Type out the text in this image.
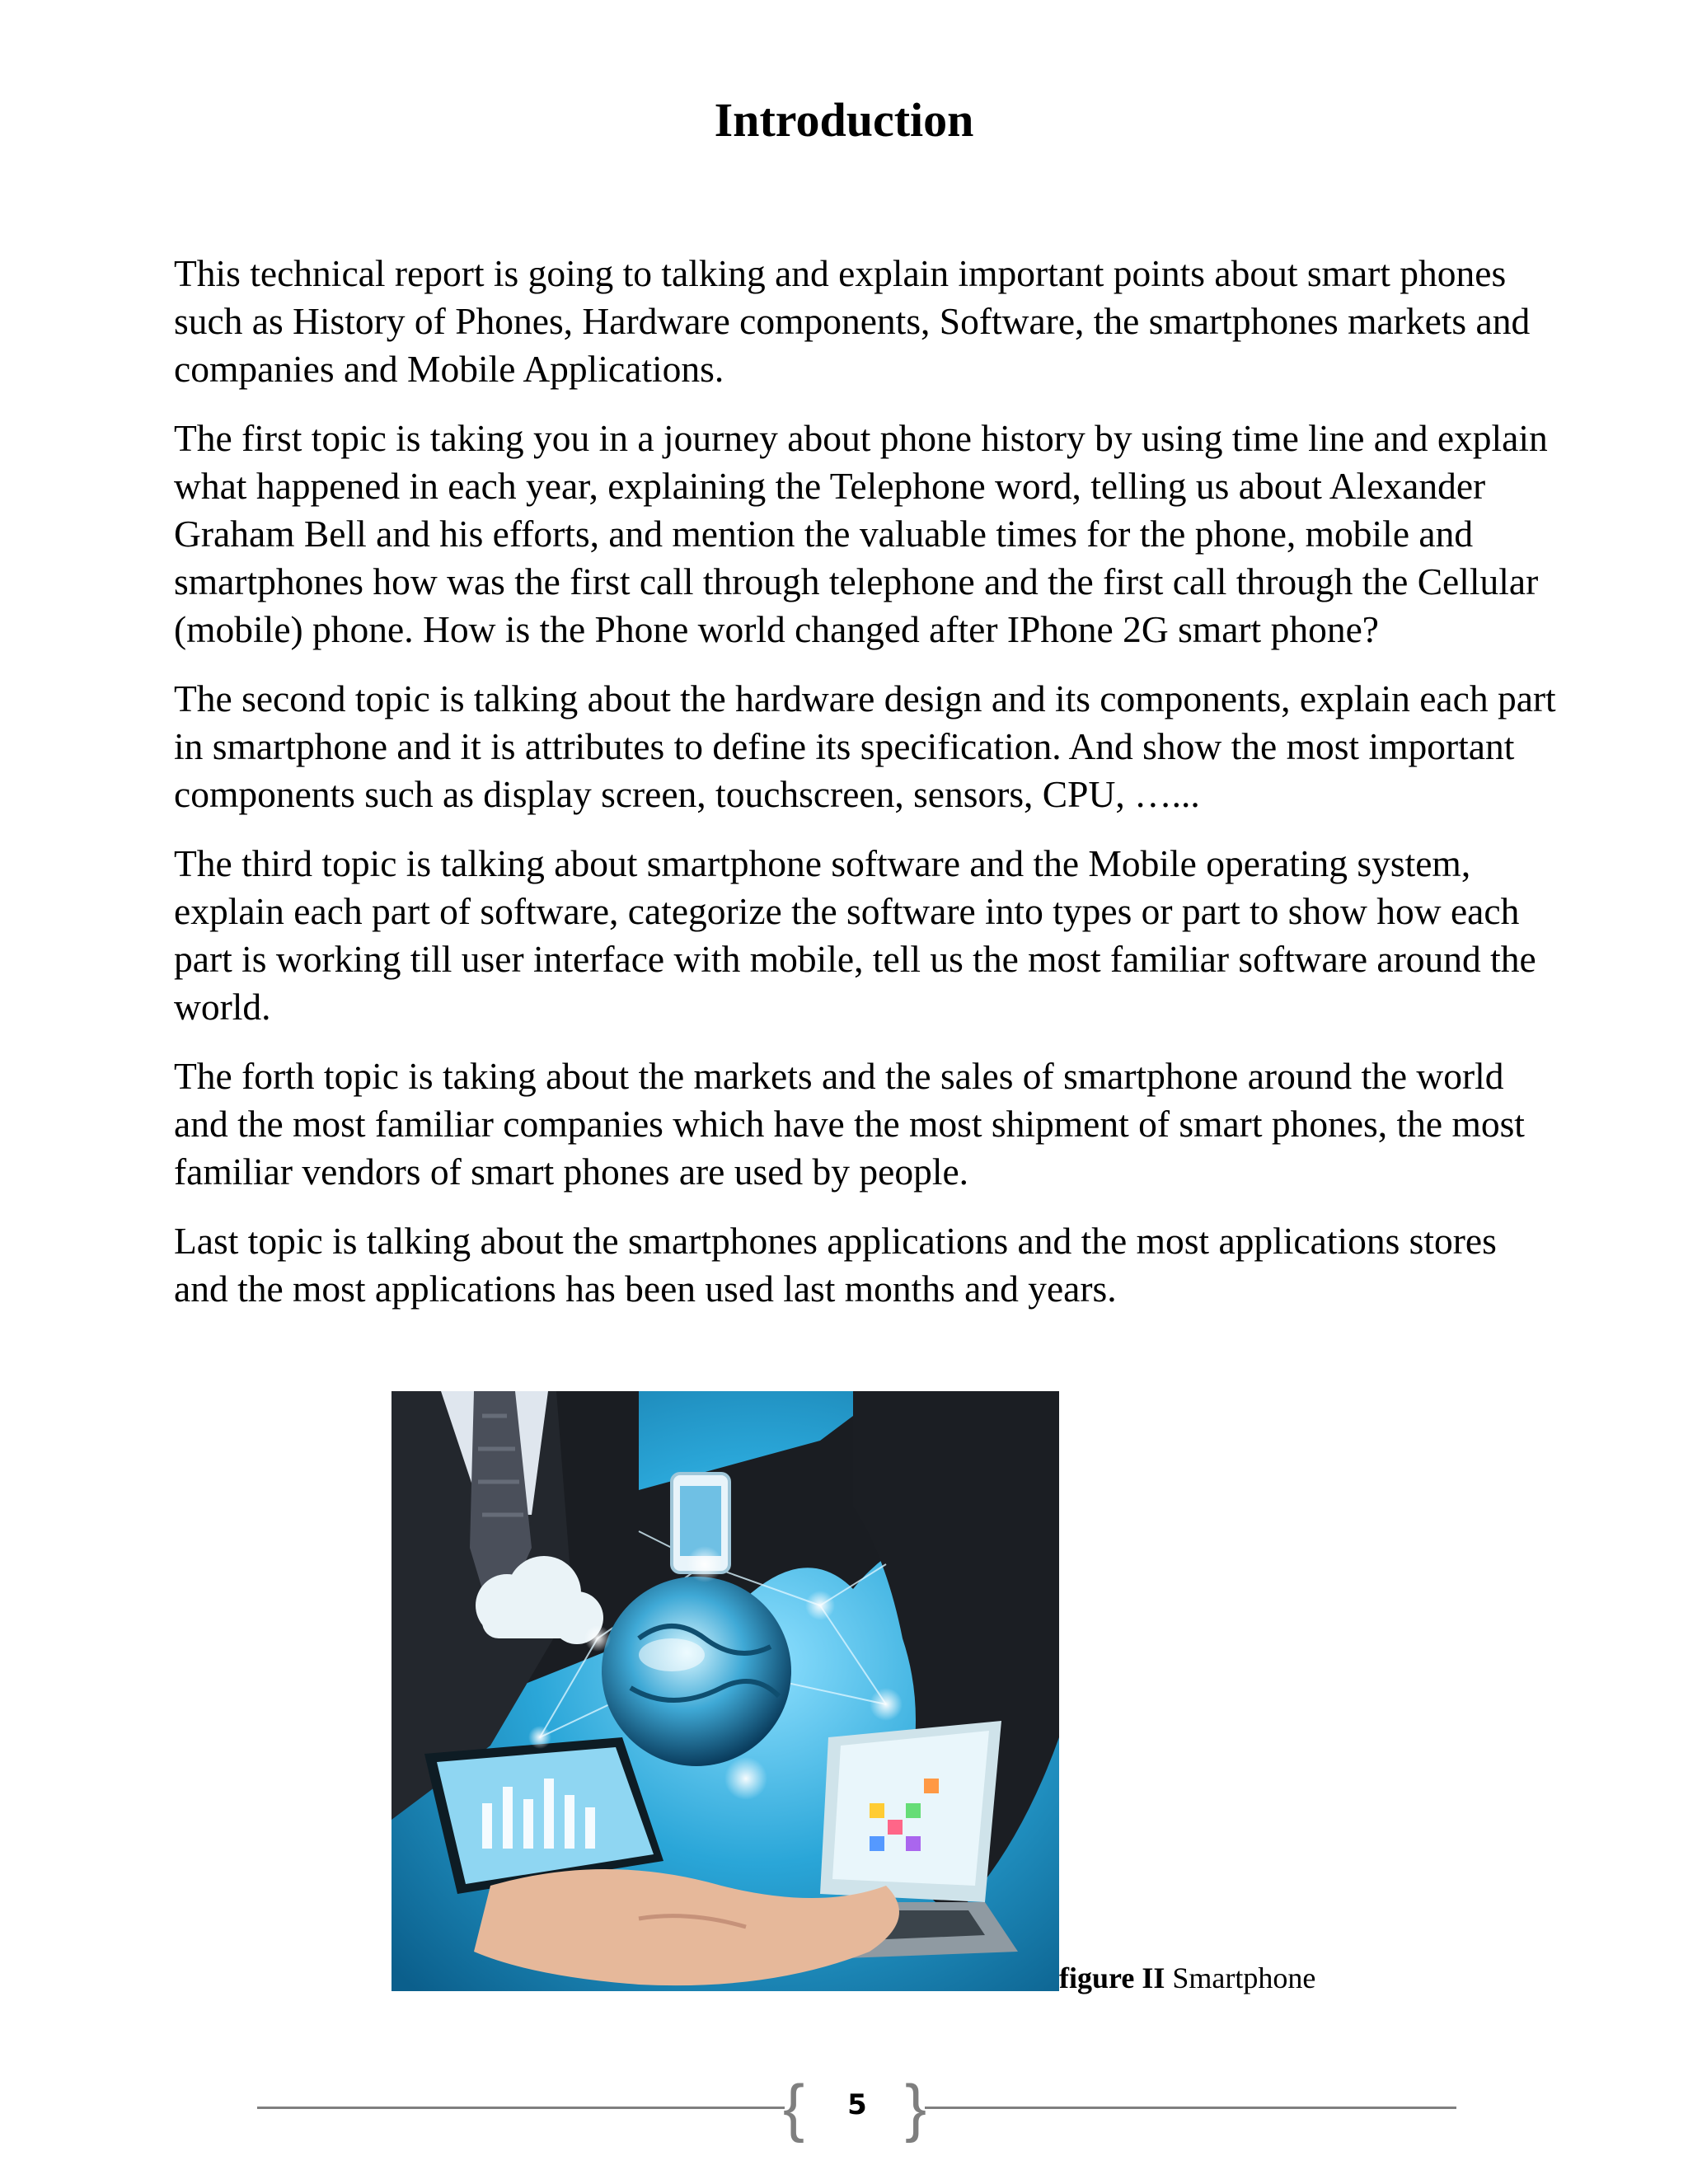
Introduction

This technical report is going to talking and explain important points about smart phones such as History of Phones, Hardware components, Software, the smartphones markets and companies and Mobile Applications.

The first topic is taking you in a journey about phone history by using time line and explain what happened in each year, explaining the Telephone word, telling us about Alexander Graham Bell and his efforts, and mention the valuable times for the phone, mobile and smartphones how was the first call through telephone and the first call through the Cellular (mobile) phone. How is the Phone world changed after IPhone 2G smart phone?

The second topic is talking about the hardware design and its components, explain each part in smartphone and it is attributes to define its specification. And show the most important components such as display screen, touchscreen, sensors, CPU, …...

The third topic is talking about smartphone software and the Mobile operating system, explain each part of software, categorize the software into types or part to show how each part is working till user interface with mobile, tell us the most familiar software around the world.

The forth topic is taking about the markets and the sales of smartphone around the world and the most familiar companies which have the most shipment of smart phones, the most familiar vendors of smart phones are used by people.

Last topic is talking about the smartphones applications and the most applications stores and the most applications has been used last months and years.

figure II Smartphone
{ }
5
